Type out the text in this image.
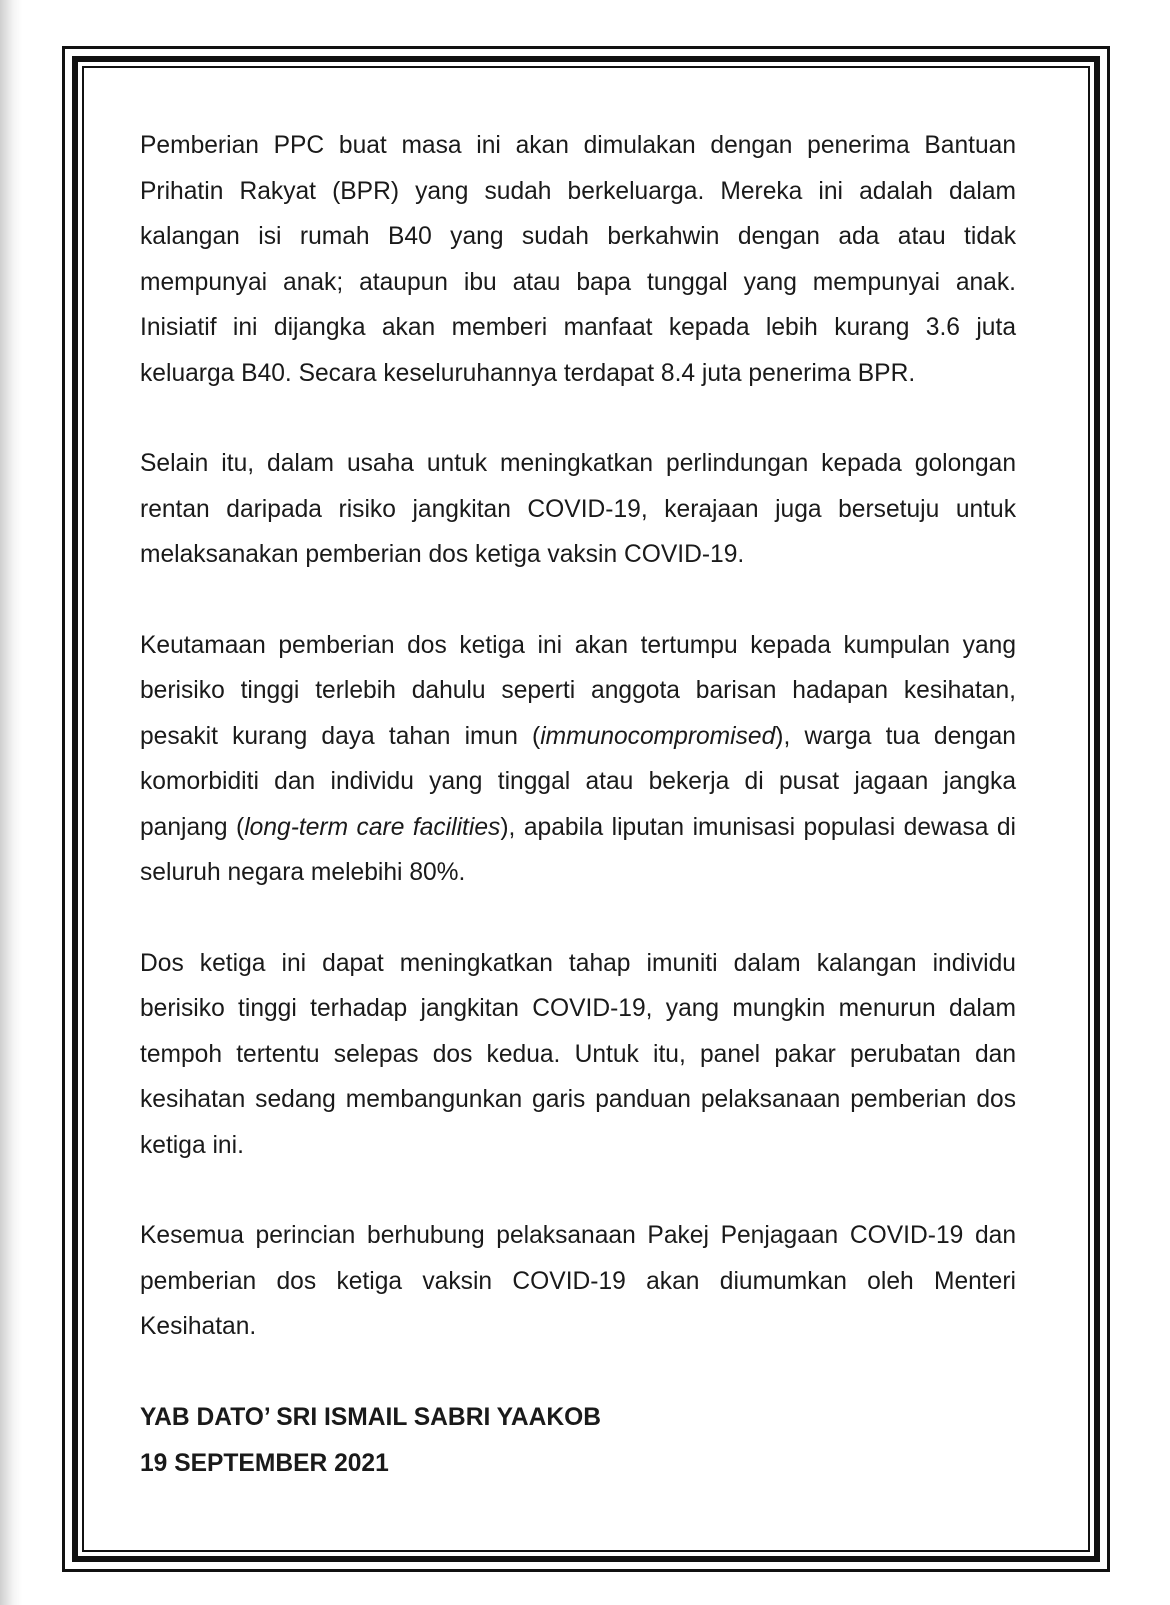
Pemberian PPC buat masa ini akan dimulakan dengan penerima Bantuan Prihatin Rakyat (BPR) yang sudah berkeluarga. Mereka ini adalah dalam kalangan isi rumah B40 yang sudah berkahwin dengan ada atau tidak mempunyai anak; ataupun ibu atau bapa tunggal yang mempunyai anak. Inisiatif ini dijangka akan memberi manfaat kepada lebih kurang 3.6 juta keluarga B40. Secara keseluruhannya terdapat 8.4 juta penerima BPR.

Selain itu, dalam usaha untuk meningkatkan perlindungan kepada golongan rentan daripada risiko jangkitan COVID-19, kerajaan juga bersetuju untuk melaksanakan pemberian dos ketiga vaksin COVID-19.

Keutamaan pemberian dos ketiga ini akan tertumpu kepada kumpulan yang berisiko tinggi terlebih dahulu seperti anggota barisan hadapan kesihatan, pesakit kurang daya tahan imun (immunocompromised), warga tua dengan komorbiditi dan individu yang tinggal atau bekerja di pusat jagaan jangka panjang (long-term care facilities), apabila liputan imunisasi populasi dewasa di seluruh negara melebihi 80%.

Dos ketiga ini dapat meningkatkan tahap imuniti dalam kalangan individu berisiko tinggi terhadap jangkitan COVID-19, yang mungkin menurun dalam tempoh tertentu selepas dos kedua. Untuk itu, panel pakar perubatan dan kesihatan sedang membangunkan garis panduan pelaksanaan pemberian dos ketiga ini.

Kesemua perincian berhubung pelaksanaan Pakej Penjagaan COVID-19 dan pemberian dos ketiga vaksin COVID-19 akan diumumkan oleh Menteri Kesihatan.

YAB DATO’ SRI ISMAIL SABRI YAAKOB
19 SEPTEMBER 2021
